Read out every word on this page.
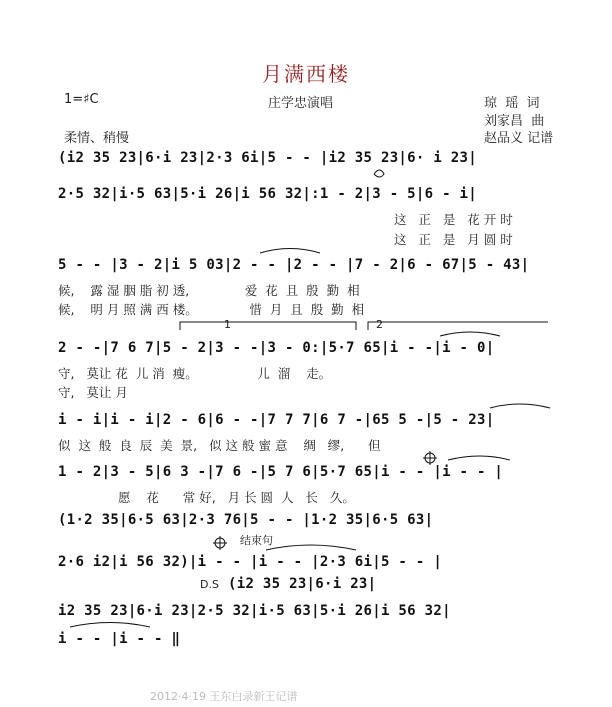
月满西楼
1=♯C	庄学忠演唱	琼  瑶  词
刘家昌  曲
柔情、稍慢	赵品义 记谱
(i2 35 23|6·i 23|2·3 6i|5 - - |i2 35 23|6· i 23|
2·5 32|i·5 63|5·i 26|i 56 32|:1 - 2|3 - 5|6 - i|
这   正   是   花 开 时
这   正   是   月 圆 时
5 - - |3 - 2|i 5 03|2 - - |2 - - |7 - 2|6 - 67|5 - 43|
候,    露 湿 胭 脂 初 透,              爱  花  且  殷  勤  相
候,    明 月 照 满 西 楼。             惜  月  且  殷  勤  相
1	2
2 - -|7 6 7|5 - 2|3 - -|3 - 0:|5·7 65|i - -|i - 0|
守,   莫让 花  儿 消  瘦。               儿  溜    走。
守,   莫让 月
i - i|i - i|2 - 6|6 - -|7 7 7|6 7 -|65 5 -|5 - 23|
似  这  般  良  辰  美  景,   似 这 般 蜜 意    绸   缪,      但
1 - 2|3 - 5|6 3 -|7 6 -|5 7 6|5·7 65|i - - |i - - |
愿    花      常 好,   月 长 圆  人   长   久。
(1·2 35|6·5 63|2·3 76|5 - - |1·2 35|6·5 63|
结束句
2·6 i2|i 56 32)|i - - |i - - |2·3 6i|5 - - |
D.S (i2 35 23|6·i 23|
i2 35 23|6·i 23|2·5 32|i·5 63|5·i 26|i 56 32|
i - - |i - - ‖
2012·4·19 王东白录新王记谱
